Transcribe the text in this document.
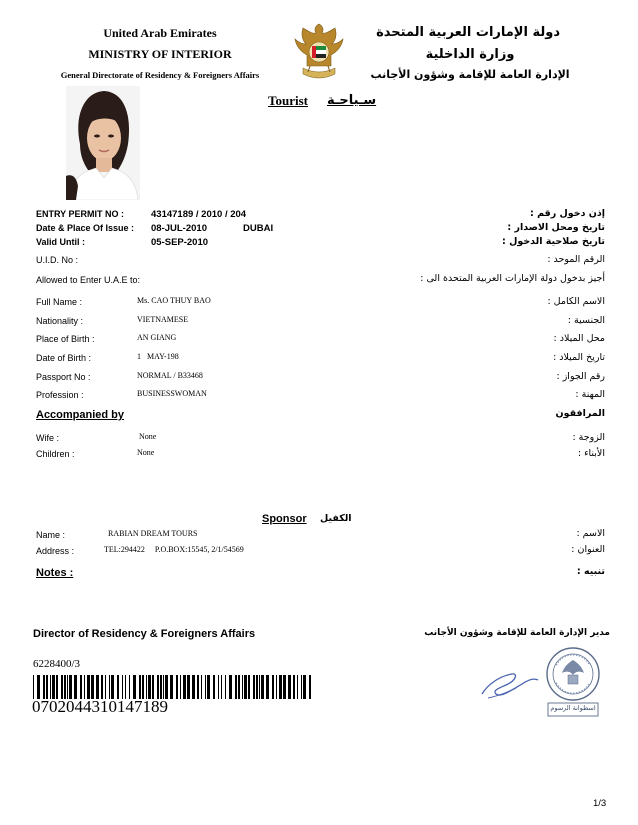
United Arab Emirates
MINISTRY OF INTERIOR
General Directorate of Residency & Foreigners Affairs
دولة الإمارات العربية المتحدة
وزارة الداخلية
الإدارة العامة للإقامة وشؤون الأجانب
Tourist سـياحـة
ENTRY PERMIT NO :	43147189 / 2010 / 204	إذن دخول رقم :
Date & Place Of Issue : 08-JUL-2010	DUBAI	تاريخ ومحل الاصدار :
Valid Until :	05-SEP-2010	تاريخ صلاحية الدخول :
U.I.D. No :	الرقم الموحد :
Allowed to Enter U.A.E to:	أجيز بدخول دولة الإمارات العربية المتحدة الى :
Full Name :	Ms. CAO THUY BAO	الاسم الكامل :
Nationality :	VIETNAMESE	الجنسية :
Place of Birth :	AN GIANG	محل الميلاد :
Date of Birth :	1   MAY-198	تاريخ الميلاد :
Passport No :	NORMAL / B33468	رقم الجواز :
Profession :	BUSINESSWOMAN	المهنة :
Accompanied by	المرافقون
Wife :	None	الزوجة :
Children :	None	الأبناء :
Sponsor الكفيل
Name :	RABIAN DREAM TOURS	الاسم :
Address :	TEL:294422     P.O.BOX:15545, 2/1/54569	العنوان :
Notes :	تنبيه :
Director of Residency & Foreigners Affairs	مدير الإدارة العامة للإقامة وشؤون الأجانب
6228400/3
0702044310147189	اسطوانة الرسوم
1/3
